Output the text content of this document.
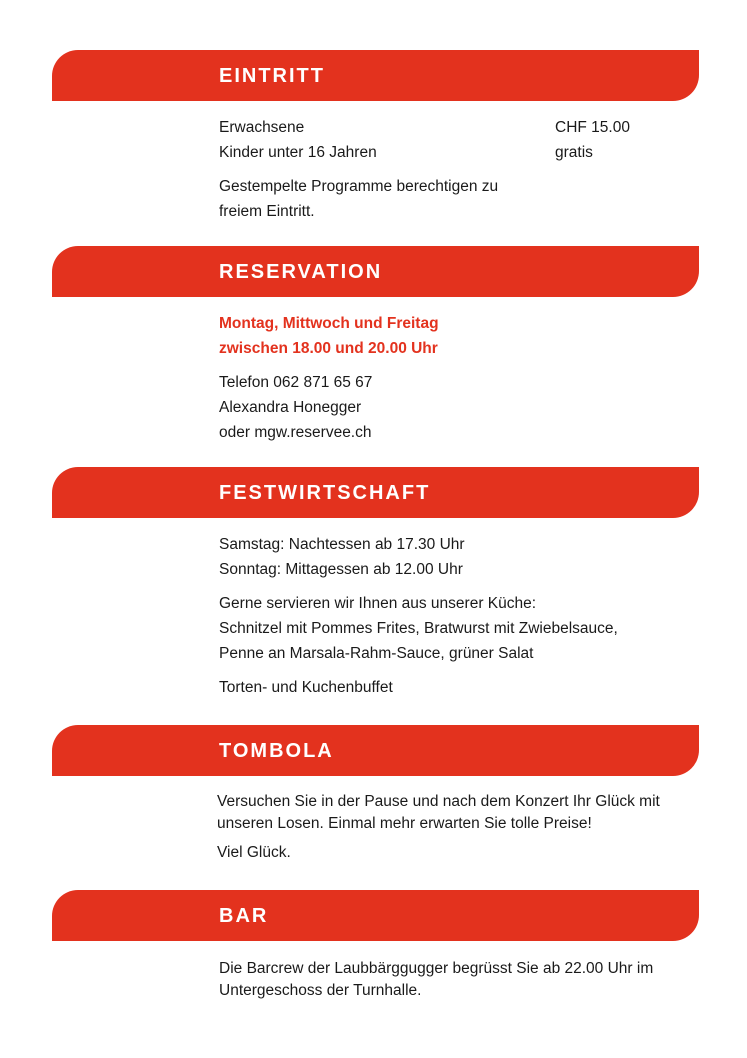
EINTRITT
Erwachsene	CHF 15.00
Kinder unter 16 Jahren	gratis

Gestempelte Programme berechtigen zu

freiem Eintritt.

RESERVATION

Montag, Mittwoch und Freitag

zwischen 18.00 und 20.00 Uhr

Telefon 062 871 65 67

Alexandra Honegger

oder mgw.reservee.ch

FESTWIRTSCHAFT

Samstag: Nachtessen ab 17.30 Uhr

Sonntag: Mittagessen ab 12.00 Uhr

Gerne servieren wir Ihnen aus unserer Küche:

Schnitzel mit Pommes Frites, Bratwurst mit Zwiebelsauce,

Penne an Marsala-Rahm-Sauce, grüner Salat

Torten- und Kuchenbuffet

TOMBOLA

Versuchen Sie in der Pause und nach dem Konzert Ihr Glück mit

unseren Losen. Einmal mehr erwarten Sie tolle Preise!

Viel Glück.

BAR

Die Barcrew der Laubbärggugger begrüsst Sie ab 22.00 Uhr im

Untergeschoss der Turnhalle.
